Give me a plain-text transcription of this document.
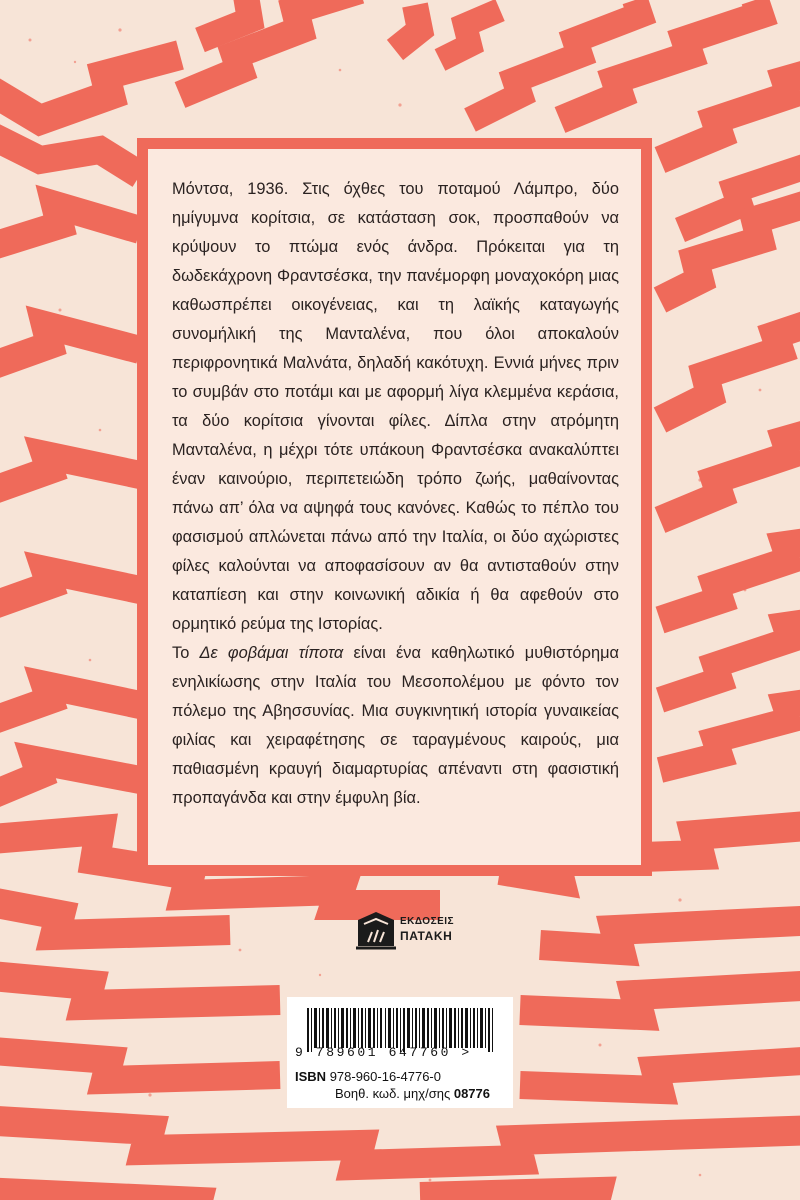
Μόντσα, 1936. Στις όχθες του ποταμού Λάμπρο, δύο ημίγυμνα κορίτσια, σε κατάσταση σοκ, προσπαθούν να κρύψουν το πτώμα ενός άνδρα. Πρόκειται για τη δωδεκάχρονη Φραντσέσκα, την πανέμορφη μοναχοκόρη μιας καθωσπρέπει οικογένειας, και τη λαϊκής καταγωγής συνομήλική της Μανταλένα, που όλοι αποκαλούν περιφρονητικά Μαλνάτα, δηλαδή κακότυχη. Εννιά μήνες πριν το συμβάν στο ποτάμι και με αφορμή λίγα κλεμμένα κεράσια, τα δύο κορίτσια γίνονται φίλες. Δίπλα στην ατρόμητη Μανταλένα, η μέχρι τότε υπάκουη Φραντσέσκα ανακαλύπτει έναν καινούριο, περιπετειώδη τρόπο ζωής, μαθαίνοντας πάνω απ’ όλα να αψηφά τους κανόνες. Καθώς το πέπλο του φασισμού απλώνεται πάνω από την Ιταλία, οι δύο αχώριστες φίλες καλούνται να αποφασίσουν αν θα αντισταθούν στην καταπίεση και στην κοινωνική αδικία ή θα αφεθούν στο ορμητικό ρεύμα της Ιστορίας.
Το Δε φοβάμαι τίποτα είναι ένα καθηλωτικό μυθιστόρημα ενηλικίωσης στην Ιταλία του Μεσοπολέμου με φόντο τον πόλεμο της Αβησσυνίας. Μια συγκινητική ιστορία γυναικείας φιλίας και χειραφέτησης σε ταραγμένους καιρούς, μια παθιασμένη κραυγή διαμαρτυρίας απέναντι στη φασιστική προπαγάνδα και στην έμφυλη βία.

ΕΚΔΟΣΕΙΣ
ΠΑΤΑΚΗ
9 789601 647760 >
ISBN 978-960-16-4776-0
Βοηθ. κωδ. μηχ/σης 08776
